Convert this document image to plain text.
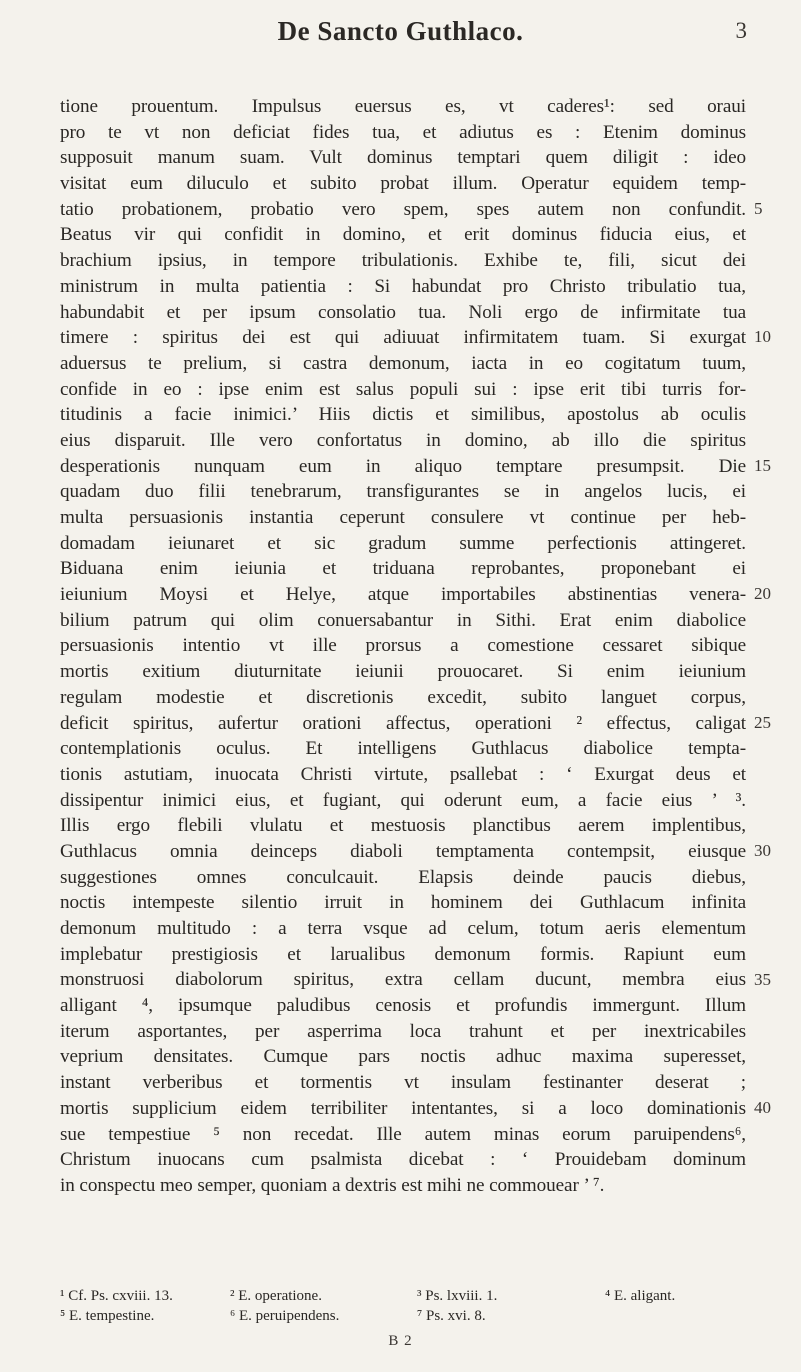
De Sancto Guthlaco.	3
tione prouentum. Impulsus euersus es, vt caderes¹: sed oraui
pro te vt non deficiat fides tua, et adiutus es : Etenim dominus
supposuit manum suam. Vult dominus temptari quem diligit : ideo
visitat eum diluculo et subito probat illum. Operatur equidem temp-
tatio probationem, probatio vero spem, spes autem non confundit.
Beatus vir qui confidit in domino, et erit dominus fiducia eius, et
brachium ipsius, in tempore tribulationis. Exhibe te, fili, sicut dei
ministrum in multa patientia : Si habundat pro Christo tribulatio tua,
habundabit et per ipsum consolatio tua. Noli ergo de infirmitate tua
timere : spiritus dei est qui adiuuat infirmitatem tuam. Si exurgat
aduersus te prelium, si castra demonum, iacta in eo cogitatum tuum,
confide in eo : ipse enim est salus populi sui : ipse erit tibi turris for-
titudinis a facie inimici.’ Hiis dictis et similibus, apostolus ab oculis
eius disparuit. Ille vero confortatus in domino, ab illo die spiritus
desperationis nunquam eum in aliquo temptare presumpsit. Die
quadam duo filii tenebrarum, transfigurantes se in angelos lucis, ei
multa persuasionis instantia ceperunt consulere vt continue per heb-
domadam ieiunaret et sic gradum summe perfectionis attingeret.
Biduana enim ieiunia et triduana reprobantes, proponebant ei
ieiunium Moysi et Helye, atque importabiles abstinentias venera-
bilium patrum qui olim conuersabantur in Sithi. Erat enim diabolice
persuasionis intentio vt ille prorsus a comestione cessaret sibique
mortis exitium diuturnitate ieiunii prouocaret. Si enim ieiunium
regulam modestie et discretionis excedit, subito languet corpus,
deficit spiritus, aufertur orationi affectus, operationi ² effectus, caligat
contemplationis oculus. Et intelligens Guthlacus diabolice tempta-
tionis astutiam, inuocata Christi virtute, psallebat : ‘ Exurgat deus et
dissipentur inimici eius, et fugiant, qui oderunt eum, a facie eius ’ ³.
Illis ergo flebili vlulatu et mestuosis planctibus aerem implentibus,
Guthlacus omnia deinceps diaboli temptamenta contempsit, eiusque
suggestiones omnes conculcauit. Elapsis deinde paucis diebus,
noctis intempeste silentio irruit in hominem dei Guthlacum infinita
demonum multitudo : a terra vsque ad celum, totum aeris elementum
implebatur prestigiosis et larualibus demonum formis. Rapiunt eum
monstruosi diabolorum spiritus, extra cellam ducunt, membra eius
alligant ⁴, ipsumque paludibus cenosis et profundis immergunt. Illum
iterum asportantes, per asperrima loca trahunt et per inextricabiles
veprium densitates. Cumque pars noctis adhuc maxima superesset,
instant verberibus et tormentis vt insulam festinanter deserat ;
mortis supplicium eidem terribiliter intentantes, si a loco dominationis
sue tempestiue ⁵ non recedat. Ille autem minas eorum paruipendens⁶,
Christum inuocans cum psalmista dicebat : ‘ Prouidebam dominum
in conspectu meo semper, quoniam a dextris est mihi ne commouear ’ ⁷.
5
10
15
20
25
30
35
40
¹ Cf. Ps. cxviii. 13.	² E. operatione.	³ Ps. lxviii. 1.	⁴ E. aligant.
⁵ E. tempestine.	⁶ E. peruipendens.	⁷ Ps. xvi. 8.
B 2
